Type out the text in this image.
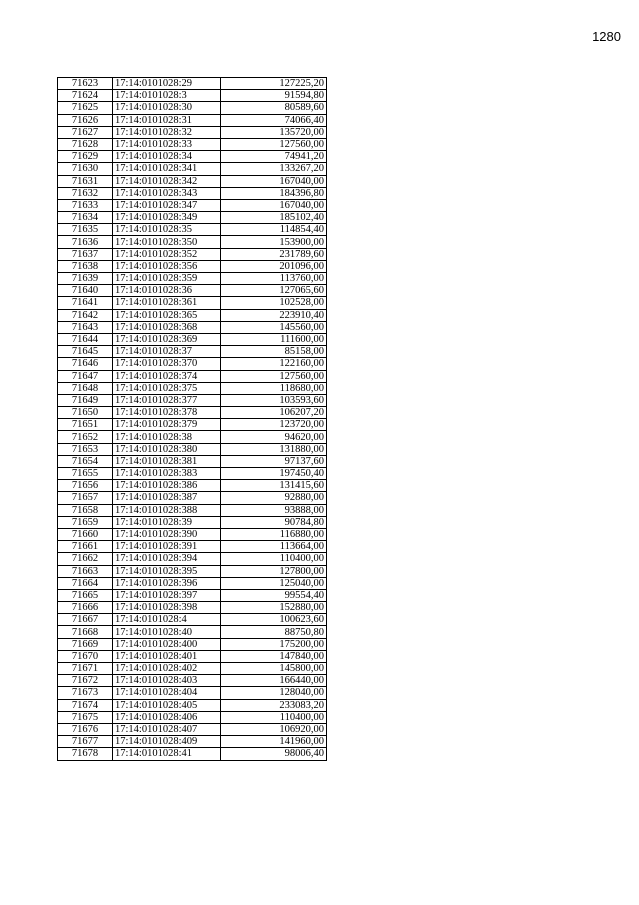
1280
71623	17:14:0101028:29	127225,20
71624	17:14:0101028:3	91594,80
71625	17:14:0101028:30	80589,60
71626	17:14:0101028:31	74066,40
71627	17:14:0101028:32	135720,00
71628	17:14:0101028:33	127560,00
71629	17:14:0101028:34	74941,20
71630	17:14:0101028:341	133267,20
71631	17:14:0101028:342	167040,00
71632	17:14:0101028:343	184396,80
71633	17:14:0101028:347	167040,00
71634	17:14:0101028:349	185102,40
71635	17:14:0101028:35	114854,40
71636	17:14:0101028:350	153900,00
71637	17:14:0101028:352	231789,60
71638	17:14:0101028:356	201096,00
71639	17:14:0101028:359	113760,00
71640	17:14:0101028:36	127065,60
71641	17:14:0101028:361	102528,00
71642	17:14:0101028:365	223910,40
71643	17:14:0101028:368	145560,00
71644	17:14:0101028:369	111600,00
71645	17:14:0101028:37	85158,00
71646	17:14:0101028:370	122160,00
71647	17:14:0101028:374	127560,00
71648	17:14:0101028:375	118680,00
71649	17:14:0101028:377	103593,60
71650	17:14:0101028:378	106207,20
71651	17:14:0101028:379	123720,00
71652	17:14:0101028:38	94620,00
71653	17:14:0101028:380	131880,00
71654	17:14:0101028:381	97137,60
71655	17:14:0101028:383	197450,40
71656	17:14:0101028:386	131415,60
71657	17:14:0101028:387	92880,00
71658	17:14:0101028:388	93888,00
71659	17:14:0101028:39	90784,80
71660	17:14:0101028:390	116880,00
71661	17:14:0101028:391	113664,00
71662	17:14:0101028:394	110400,00
71663	17:14:0101028:395	127800,00
71664	17:14:0101028:396	125040,00
71665	17:14:0101028:397	99554,40
71666	17:14:0101028:398	152880,00
71667	17:14:0101028:4	100623,60
71668	17:14:0101028:40	88750,80
71669	17:14:0101028:400	175200,00
71670	17:14:0101028:401	147840,00
71671	17:14:0101028:402	145800,00
71672	17:14:0101028:403	166440,00
71673	17:14:0101028:404	128040,00
71674	17:14:0101028:405	233083,20
71675	17:14:0101028:406	110400,00
71676	17:14:0101028:407	106920,00
71677	17:14:0101028:409	141960,00
71678	17:14:0101028:41	98006,40
